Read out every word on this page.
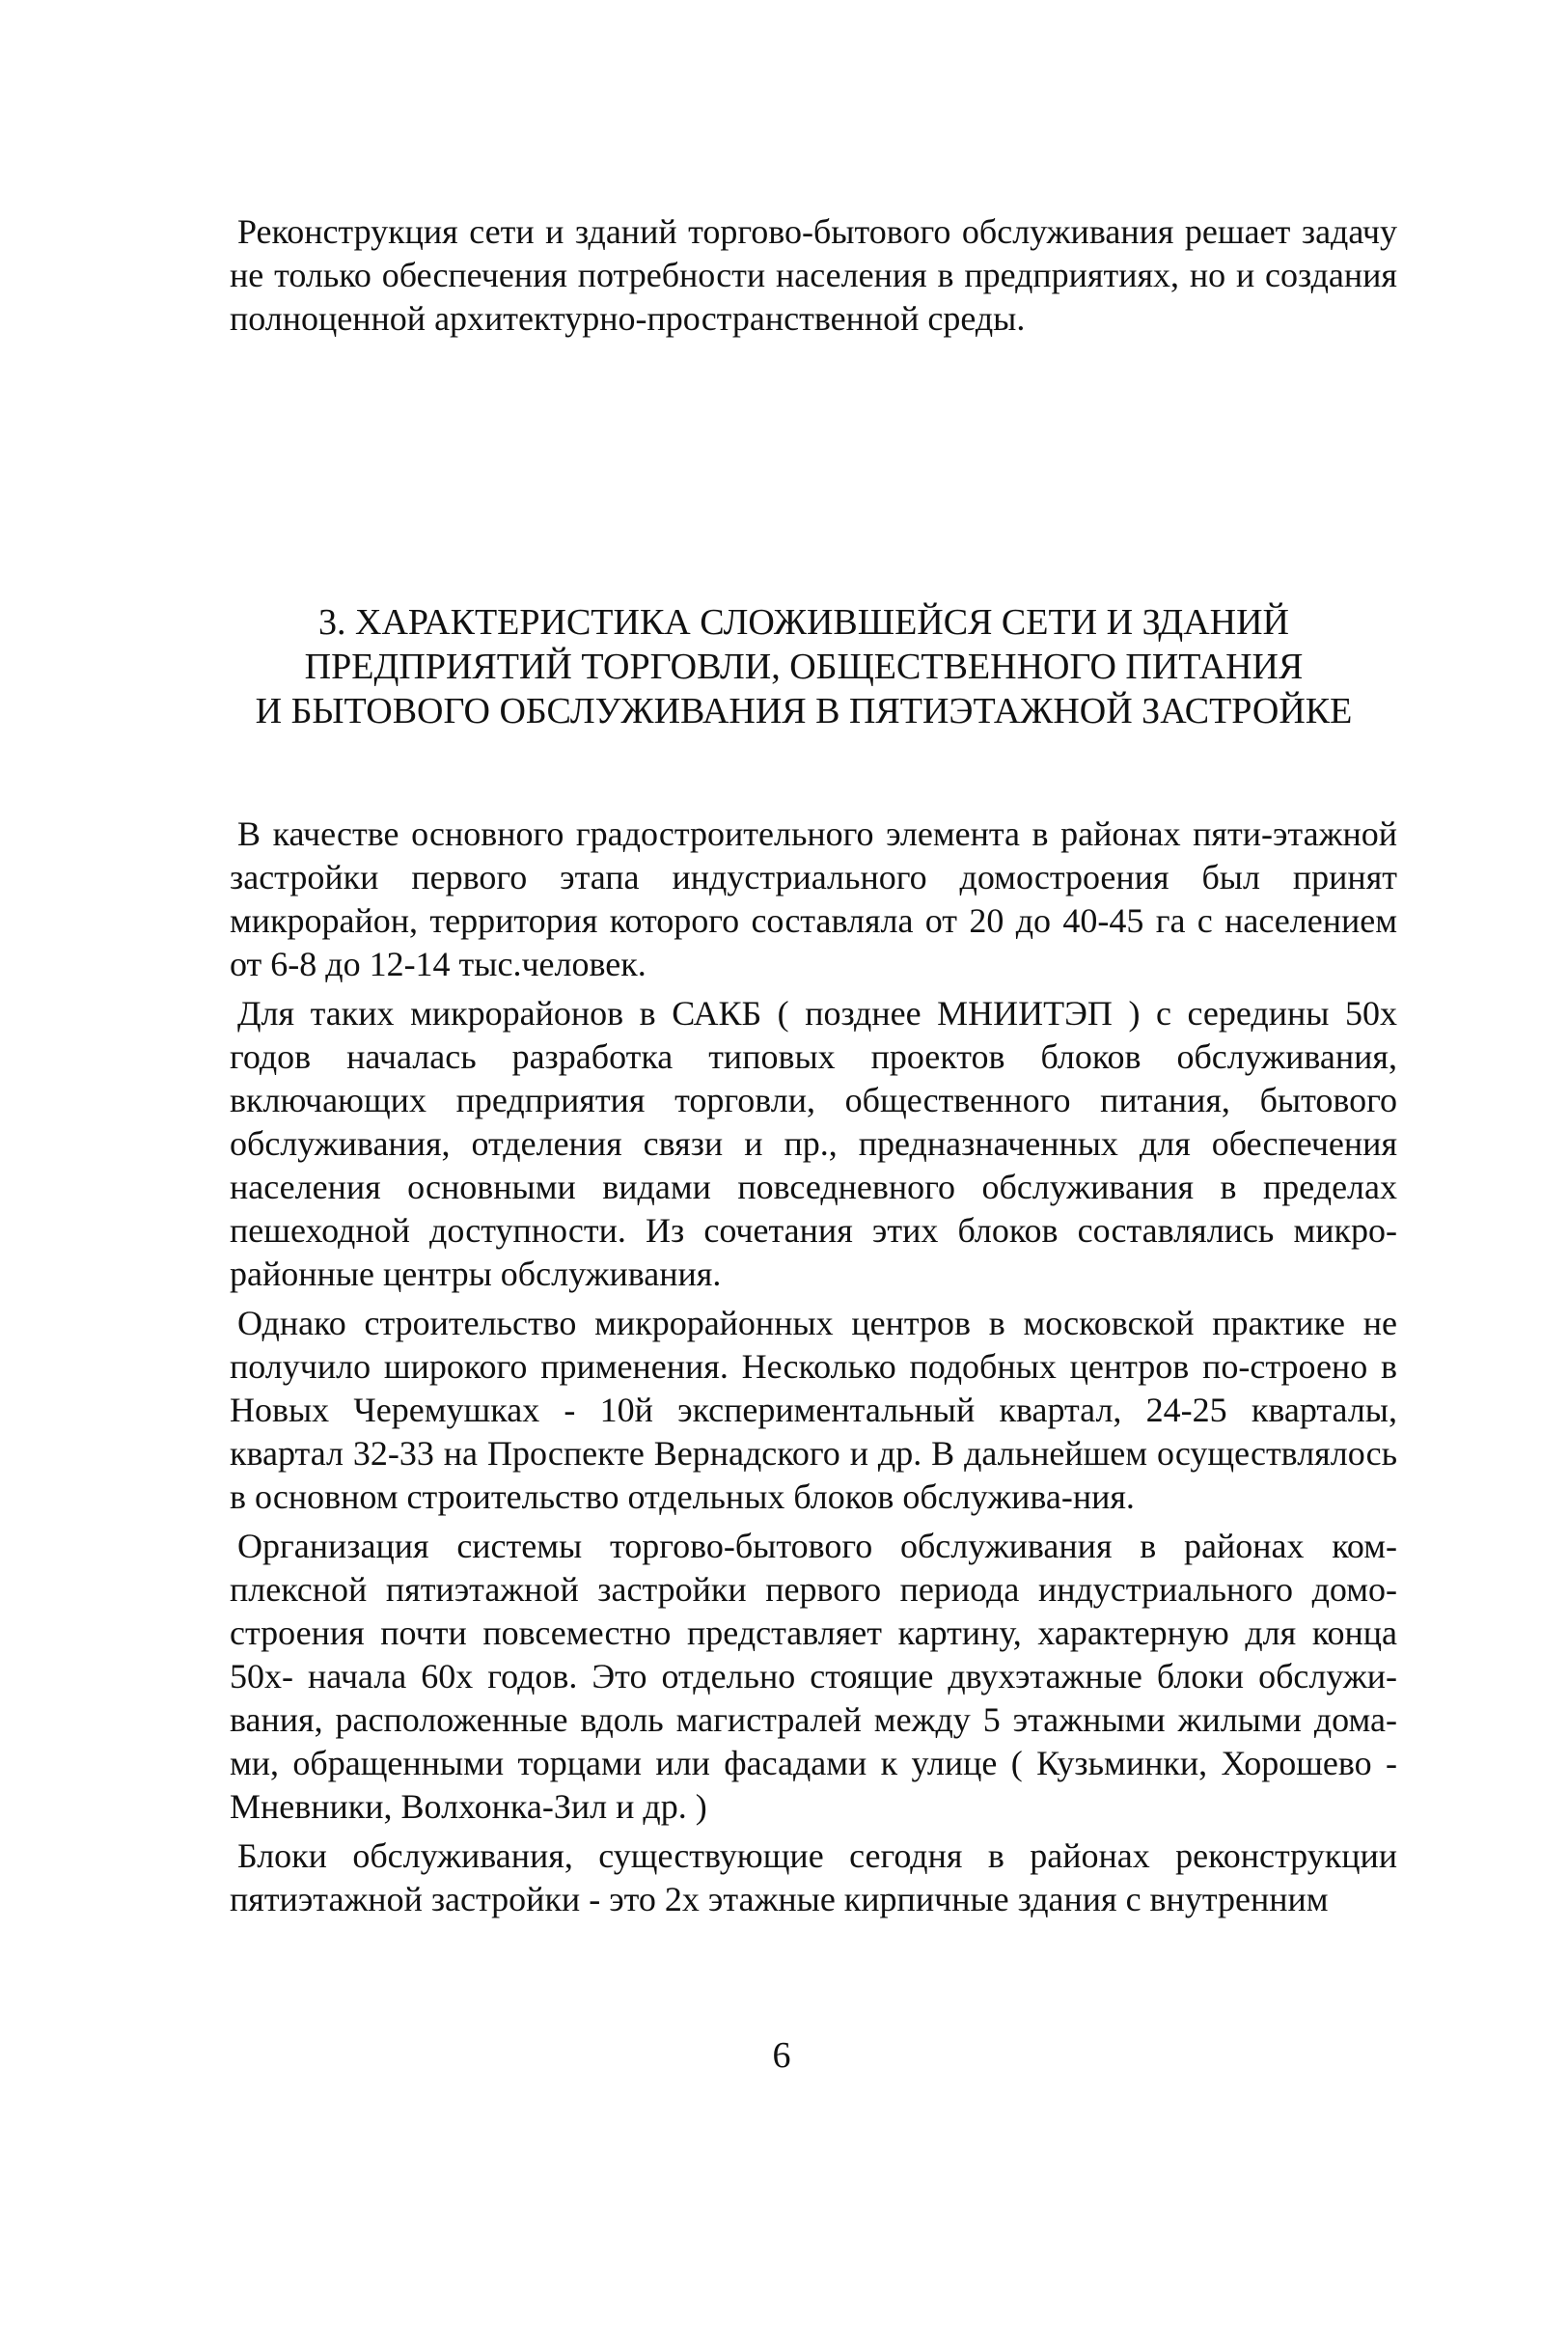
Реконструкция сети и зданий торгово-бытового обслуживания решает задачу не только обеспечения потребности населения в предприятиях, но и создания полноценной архитектурно-пространственной среды.

3. ХАРАКТЕРИСТИКА СЛОЖИВШЕЙСЯ СЕТИ И ЗДАНИЙ
ПРЕДПРИЯТИЙ ТОРГОВЛИ, ОБЩЕСТВЕННОГО ПИТАНИЯ
И БЫТОВОГО ОБСЛУЖИВАНИЯ В ПЯТИЭТАЖНОЙ ЗАСТРОЙКЕ

В качестве основного градостроительного элемента в районах пяти-этажной застройки первого этапа индустриального домостроения был принят микрорайон, территория которого составляла от 20 до 40-45 га с населением от 6-8 до 12-14 тыс.человек.

Для таких микрорайонов в САКБ ( позднее МНИИТЭП ) с середины 50х годов началась разработка типовых проектов блоков обслуживания, включающих предприятия торговли, общественного питания, бытового обслуживания, отделения связи и пр., предназначенных для обеспечения населения основными видами повседневного обслуживания в пределах пешеходной доступности. Из сочетания этих блоков составлялись микро-районные центры обслуживания.

Однако строительство микрорайонных центров в московской практике не получило широкого применения. Несколько подобных центров по-строено в Новых Черемушках - 10й экспериментальный квартал, 24-25 кварталы, квартал 32-33 на Проспекте Вернадского и др. В дальнейшем осуществлялось в основном строительство отдельных блоков обслужива-ния.

Организация системы торгово-бытового обслуживания в районах ком-плексной пятиэтажной застройки первого периода индустриального домо-строения почти повсеместно представляет картину, характерную для конца 50х- начала 60х годов. Это отдельно стоящие двухэтажные блоки обслужи-вания, расположенные вдоль магистралей между 5 этажными жилыми дома-ми, обращенными торцами или фасадами к улице ( Кузьминки, Хорошево - Мневники, Волхонка-Зил и др. )

Блоки обслуживания, существующие сегодня в районах реконструкции пятиэтажной застройки - это 2х этажные кирпичные здания с внутренним

6
